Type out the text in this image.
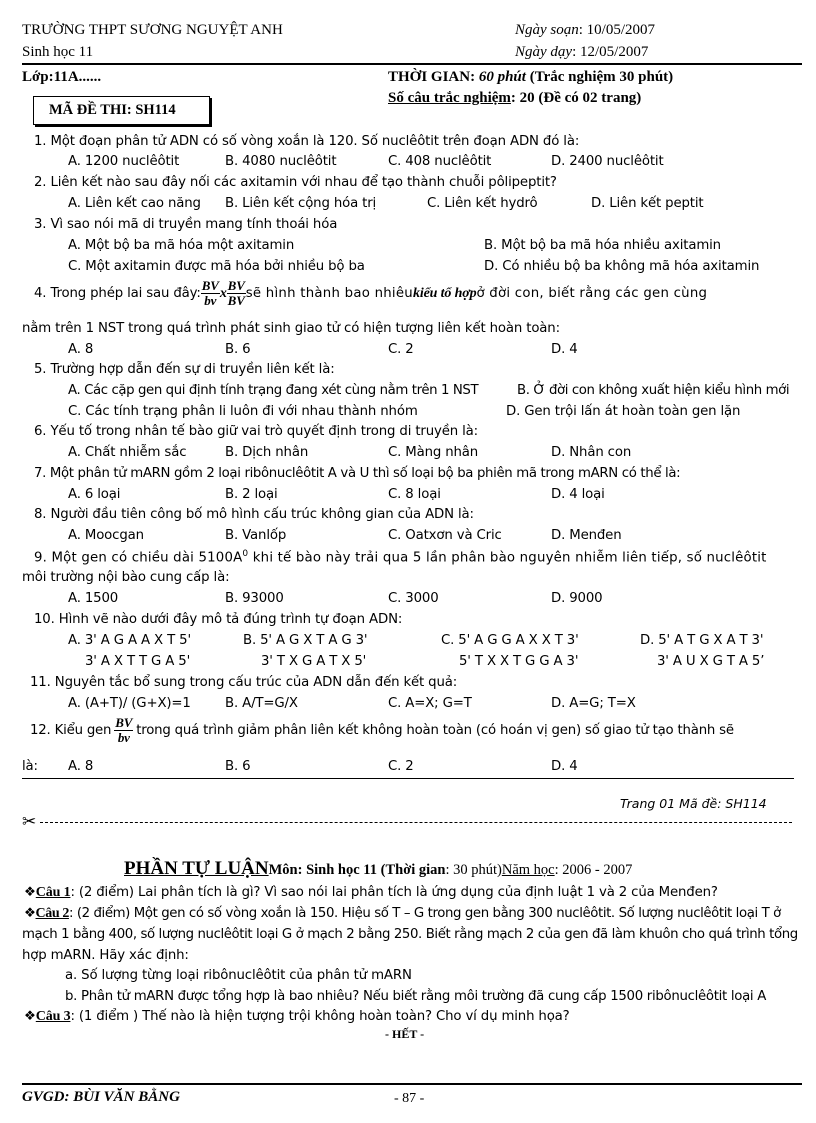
TRƯỜNG THPT SƯƠNG NGUYỆT ANH
Sinh học 11
Ngày soạn: 10/05/2007
Ngày dạy: 12/05/2007
Lớp:11A......	THỜI GIAN: 60 phút (Trắc nghiệm 30 phút)
Số câu trắc nghiệm: 20 (Đề có 02 trang)
MÃ ĐỀ THI: SH114
1. Một đoạn phân tử ADN có số vòng xoắn là 120. Số nuclêôtit trên đoạn ADN đó là:
A. 1200 nuclêôtit	B. 4080 nuclêôtit	C. 408 nuclêôtit	D. 2400 nuclêôtit
2. Liên kết nào sau đây nối các axitamin với nhau để tạo thành chuỗi pôlipeptit?
A. Liên kết cao năng B. Liên kết cộng hóa trị	C. Liên kết hydrô	D. Liên kết peptit
3. Vì sao nói mã di truyền mang tính thoái hóa
A. Một bộ ba mã hóa một axitamin	B. Một bộ ba mã hóa nhiều axitamin
C. Một axitamin được mã hóa bởi nhiều bộ ba	D. Có nhiều bộ ba không mã hóa axitamin
4. Trong phép lai sau đây: $\frac{BV}{bv}$ x $\frac{BV}{BV}$ sẽ hình thành bao nhiêu kiểu tổ hợp ở đời con, biết rằng các gen cùng
nằm trên 1 NST trong quá trình phát sinh giao tử có hiện tượng liên kết hoàn toàn:
A. 8	B. 6	C. 2	D. 4
5. Trường hợp dẫn đến sự di truyền liên kết là:
A. Các cặp gen qui định tính trạng đang xét cùng nằm trên 1 NST	B. Ở đời con không xuất hiện kiểu hình mới
C. Các tính trạng phân li luôn đi với nhau thành nhóm	D. Gen trội lấn át hoàn toàn gen lặn
6. Yếu tố trong nhân tế bào giữ vai trò quyết định trong di truyền là:
A. Chất nhiễm sắc	B. Dịch nhân	C. Màng nhân	D. Nhân con
7. Một phân tử mARN gồm 2 loại ribônuclêôtit A và U thì số loại bộ ba phiên mã trong mARN có thể là:
A. 6 loại	B. 2 loại	C. 8 loại	D. 4 loại
8. Người đầu tiên công bố mô hình cấu trúc không gian của ADN là:
A. Moocgan	B. Vanlốp	C. Oatxơn và Cric	D. Menđen
9. Một gen có chiều dài $5100A^0$ khi tế bào này trải qua 5 lần phân bào nguyên nhiễm liên tiếp, số nuclêôtit
môi trường nội bào cung cấp là:
A. 1500	B. 93000	C. 3000	D. 9000
10. Hình vẽ nào dưới đây mô tả đúng trình tự đoạn ADN:
A. 3' A G A A X T 5'	B. 5' A G X T A G 3'	C. 5' A G G A X X T 3'	D. 5' A T G X A T 3'
3' A X T T G A 5'	3' T X G A T X 5'	5' T X X T G G A 3'	3' A U X G T A 5’
11. Nguyên tắc bổ sung trong cấu trúc của ADN dẫn đến kết quả:
A. (A+T)/ (G+X)=1	B. A/T=G/X	C. A=X; G=T	D. A=G; T=X
12. Kiểu gen $\frac{BV}{bv}$ trong quá trình giảm phân liên kết không hoàn toàn (có hoán vị gen) số giao tử tạo thành sẽ
là: A. 8	B. 6	C. 2	D. 4
Trang 01 Mã đề: SH114
✂
PHẦN TỰ LUẬN Môn: Sinh học 11 (Thời gian : 30 phút) Năm học : 2006 - 2007
❖Câu 1: (2 điểm) Lai phân tích là gì? Vì sao nói lai phân tích là ứng dụng của định luật 1 và 2 của Menđen?
❖Câu 2: (2 điểm) Một gen có số vòng xoắn là 150. Hiệu số T – G trong gen bằng 300 nuclêôtit. Số lượng nuclêôtit loại T ở
mạch 1 bằng 400, số lượng nuclêôtit loại G ở mạch 2 bằng 250. Biết rằng mạch 2 của gen đã làm khuôn cho quá trình tổng
hợp mARN. Hãy xác định:
a. Số lượng từng loại ribônuclêôtit của phân tử mARN
b. Phân tử mARN được tổng hợp là bao nhiêu? Nếu biết rằng môi trường đã cung cấp 1500 ribônuclêôtit loại A
❖Câu 3: (1 điểm ) Thế nào là hiện tượng trội không hoàn toàn? Cho ví dụ minh họa?
- HẾT -
GVGD: BÙI VĂN BẰNG	- 87 -
